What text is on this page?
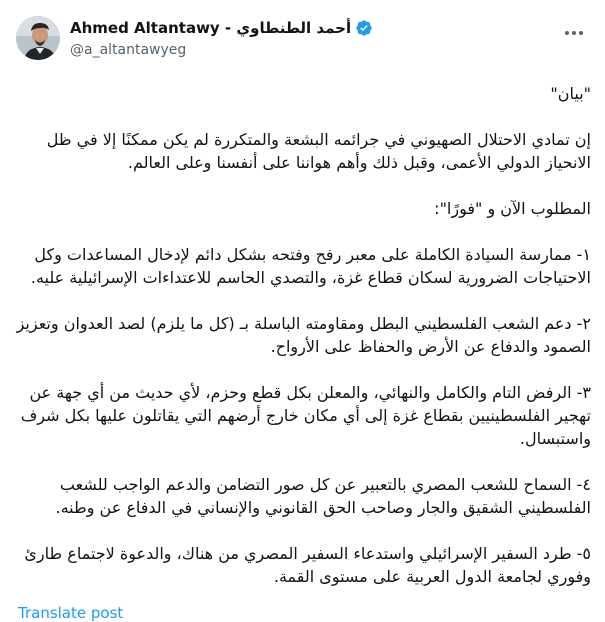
Ahmed Altantawy - أحمد الطنطاوي
@a_altantawyeg

"بيان"

إن تمادي الاحتلال الصهيوني في جرائمه البشعة والمتكررة لم يكن ممكنًا إلا في ظل الانحياز الدولي الأعمى، وقبل ذلك وأهم هواننا على أنفسنا وعلى العالم.

المطلوب الآن و "فورًا":

١- ممارسة السيادة الكاملة على معبر رفح وفتحه بشكل دائم لإدخال المساعدات وكل الاحتياجات الضرورية لسكان قطاع غزة، والتصدي الحاسم للاعتداءات الإسرائيلية عليه.

٢- دعم الشعب الفلسطيني البطل ومقاومته الباسلة بـ (كل ما يلزم) لصد العدوان وتعزيز الصمود والدفاع عن الأرض والحفاظ على الأرواح.

٣- الرفض التام والكامل والنهائي، والمعلن بكل قطع وحزم، لأي حديث من أي جهة عن تهجير الفلسطينيين بقطاع غزة إلى أي مكان خارج أرضهم التي يقاتلون عليها بكل شرف واستبسال.

٤- السماح للشعب المصري بالتعبير عن كل صور التضامن والدعم الواجب للشعب الفلسطيني الشقيق والجار وصاحب الحق القانوني والإنساني في الدفاع عن وطنه.

٥- طرد السفير الإسرائيلي واستدعاء السفير المصري من هناك، والدعوة لاجتماع طارئ وفوري لجامعة الدول العربية على مستوى القمة.

Translate post
